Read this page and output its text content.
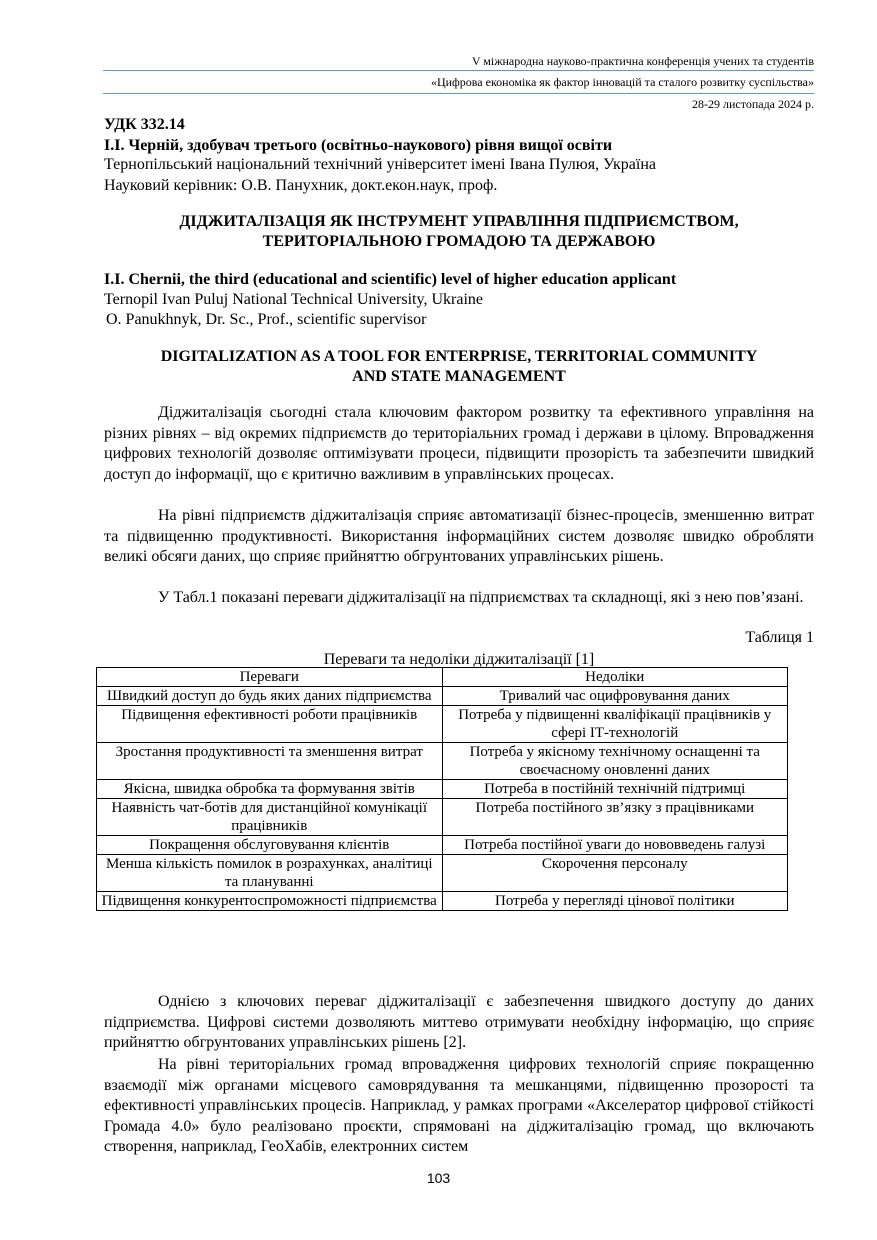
V міжнародна науково-практична конференція учених та студентів
«Цифрова економіка як фактор інновацій та сталого розвитку суспільства»
28-29 листопада 2024 р.
УДК 332.14
І.І. Черній, здобувач третього (освітньо-наукового) рівня вищої освіти
Тернопільський національний технічний університет імені Івана Пулюя, Україна
Науковий керівник: О.В. Панухник, докт.екон.наук, проф.
ДІДЖИТАЛІЗАЦІЯ ЯК ІНСТРУМЕНТ УПРАВЛІННЯ ПІДПРИЄМСТВОМ,
ТЕРИТОРІАЛЬНОЮ ГРОМАДОЮ ТА ДЕРЖАВОЮ
I.I. Chernii, the third (educational and scientific) level of higher education applicant
Ternopil Ivan Puluj National Technical University, Ukraine
O. Panukhnyk, Dr. Sc., Prof., scientific supervisor
DIGITALIZATION AS A TOOL FOR ENTERPRISE, TERRITORIAL COMMUNITY
AND STATE MANAGEMENT
Діджиталізація сьогодні стала ключовим фактором розвитку та ефективного управління на різних рівнях – від окремих підприємств до територіальних громад і держави в цілому. Впровадження цифрових технологій дозволяє оптимізувати процеси, підвищити прозорість та забезпечити швидкий доступ до інформації, що є критично важливим в управлінських процесах.
На рівні підприємств діджиталізація сприяє автоматизації бізнес-процесів, зменшенню витрат та підвищенню продуктивності. Використання інформаційних систем дозволяє швидко обробляти великі обсяги даних, що сприяє прийняттю обгрунтованих управлінських рішень.
У Табл.1 показані переваги діджиталізації на підприємствах та складнощі, які з нею пов’язані.
Таблиця 1
Переваги та недоліки діджиталізації [1]
Переваги	Недоліки
Швидкий доступ до будь яких даних підприємства	Тривалий час оцифровування даних
Підвищення ефективності роботи працівників	Потреба у підвищенні кваліфікації працівників у сфері ІТ-технологій
Зростання продуктивності та зменшення витрат	Потреба у якісному технічному оснащенні та своєчасному оновленні даних
Якісна, швидка обробка та формування звітів	Потреба в постійній технічній підтримці
Наявність чат-ботів для дистанційної комунікації працівників	Потреба постійного зв’язку з працівниками
Покращення обслуговування клієнтів	Потреба постійної уваги до нововведень галузі
Менша кількість помилок в розрахунках, аналітиці та плануванні	Скорочення персоналу
Підвищення конкурентоспроможності підприємства	Потреба у перегляді цінової політики
Однією з ключових переваг діджиталізації є забезпечення швидкого доступу до даних підприємства. Цифрові системи дозволяють миттево отримувати необхідну інформацію, що сприяє прийняттю обгрунтованих управлінських рішень [2].
На рівні територіальних громад впровадження цифрових технологій сприяє покращенню взаємодії між органами місцевого самоврядування та мешканцями, підвищенню прозорості та ефективності управлінських процесів. Наприклад, у рамках програми «Акселератор цифрової стійкості Громада 4.0» було реалізовано проєкти, спрямовані на діджиталізацію громад, що включають створення, наприклад, ГеоХабів, електронних систем
103
